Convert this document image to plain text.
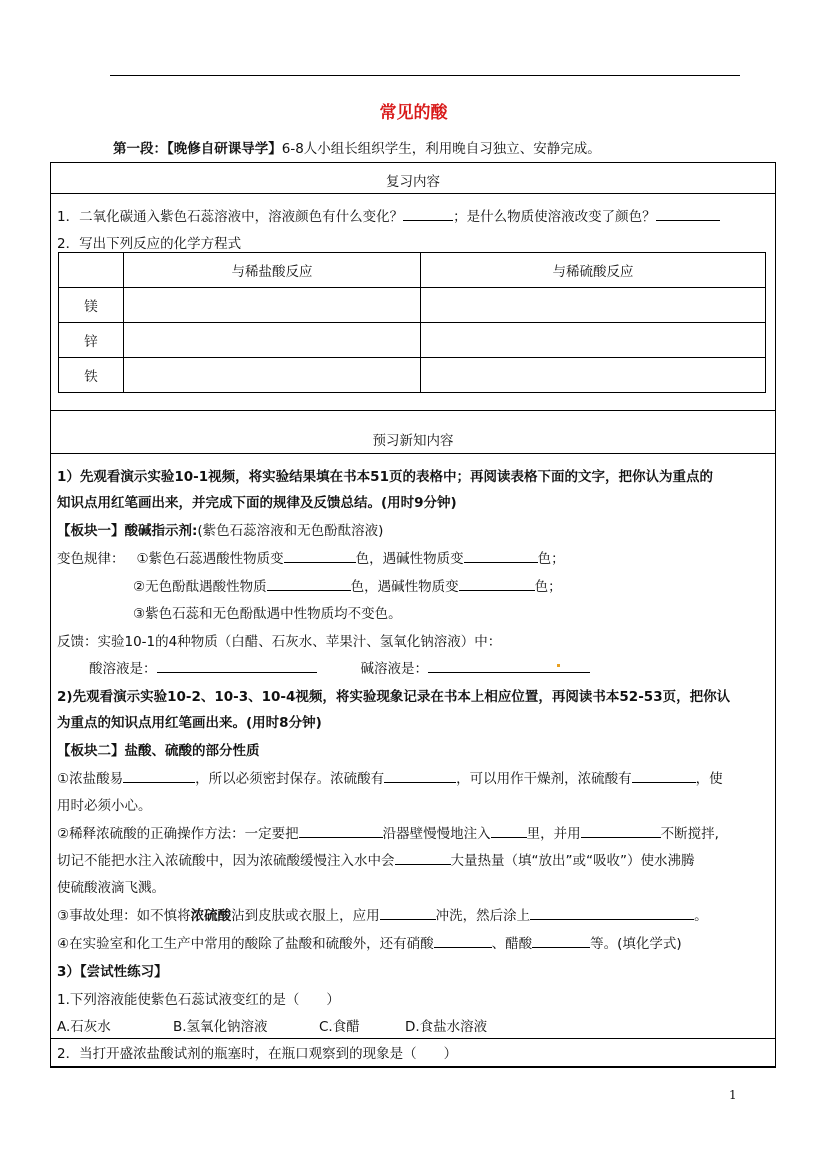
常见的酸
第一段：【晚修自研课导学】6-8人小组长组织学生，利用晚自习独立、安静完成。
复习内容
1．二氧化碳通入紫色石蕊溶液中，溶液颜色有什么变化？	；是什么物质使溶液改变了颜色？
2．写出下列反应的化学方程式
	与稀盐酸反应	与稀硫酸反应
镁		
锌		
铁		
预习新知内容
1）先观看演示实验10-1视频，将实验结果填在书本51页的表格中；再阅读表格下面的文字，把你认为重点的
知识点用红笔画出来，并完成下面的规律及反馈总结。(用时9分钟)
【板块一】酸碱指示剂:(紫色石蕊溶液和无色酚酞溶液)
变色规律： ①紫色石蕊遇酸性物质变	色，遇碱性物质变	色；
②无色酚酞遇酸性物质	色，遇碱性物质变	色；
③紫色石蕊和无色酚酞遇中性物质均不变色。
反馈：实验10-1的4种物质（白醋、石灰水、苹果汁、氢氧化钠溶液）中：
酸溶液是：	碱溶液是：
2)先观看演示实验10-2、10-3、10-4视频，将实验现象记录在书本上相应位置，再阅读书本52-53页，把你认
为重点的知识点用红笔画出来。(用时8分钟)
【板块二】盐酸、硫酸的部分性质
①浓盐酸易	，所以必须密封保存。浓硫酸有	，可以用作干燥剂，浓硫酸有	，使
用时必须小心。
②稀释浓硫酸的正确操作方法：一定要把	沿器壁慢慢地注入	里，并用	不断搅拌,
切记不能把水注入浓硫酸中，因为浓硫酸缓慢注入水中会	大量热量（填“放出”或“吸收”）使水沸腾
使硫酸液滴飞溅。
③事故处理：如不慎将浓硫酸沾到皮肤或衣服上，应用	冲洗，然后涂上	。
④在实验室和化工生产中常用的酸除了盐酸和硫酸外，还有硝酸	、醋酸	等。(填化学式)
3）【尝试性练习】
1.下列溶液能使紫色石蕊试液变红的是（　　）
A.石灰水	B.氢氧化钠溶液	C.食醋	D.食盐水溶液
2．当打开盛浓盐酸试剂的瓶塞时，在瓶口观察到的现象是（　　）
1
